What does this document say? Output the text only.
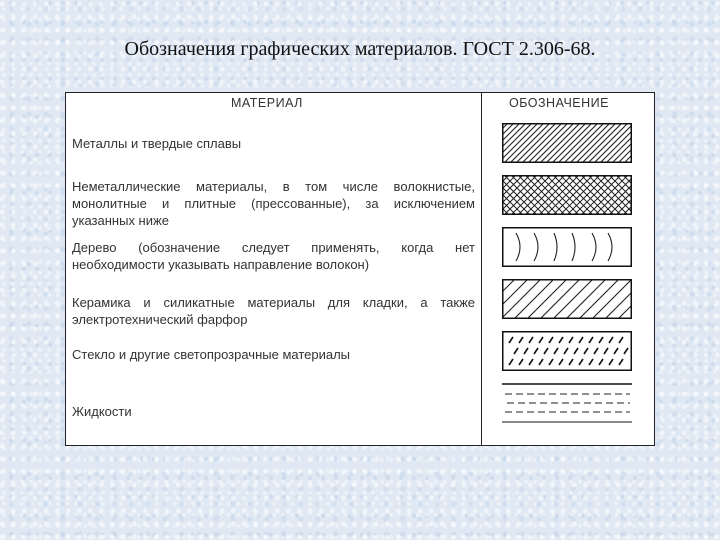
Обозначения графических материалов. ГОСТ 2.306-68.
МАТЕРИАЛ	ОБОЗНАЧЕНИЕ
Металлы и твердые сплавы
Неметаллические материалы, в том числе волокнистые, монолитные и плитные (прессованные), за исключением указанных ниже
Дерево (обозначение следует применять, когда нет необходимости указывать направление волокон)
Керамика и силикатные материалы для кладки, а также электротехнический фарфор
Стекло и другие светопрозрачные материалы
Жидкости
